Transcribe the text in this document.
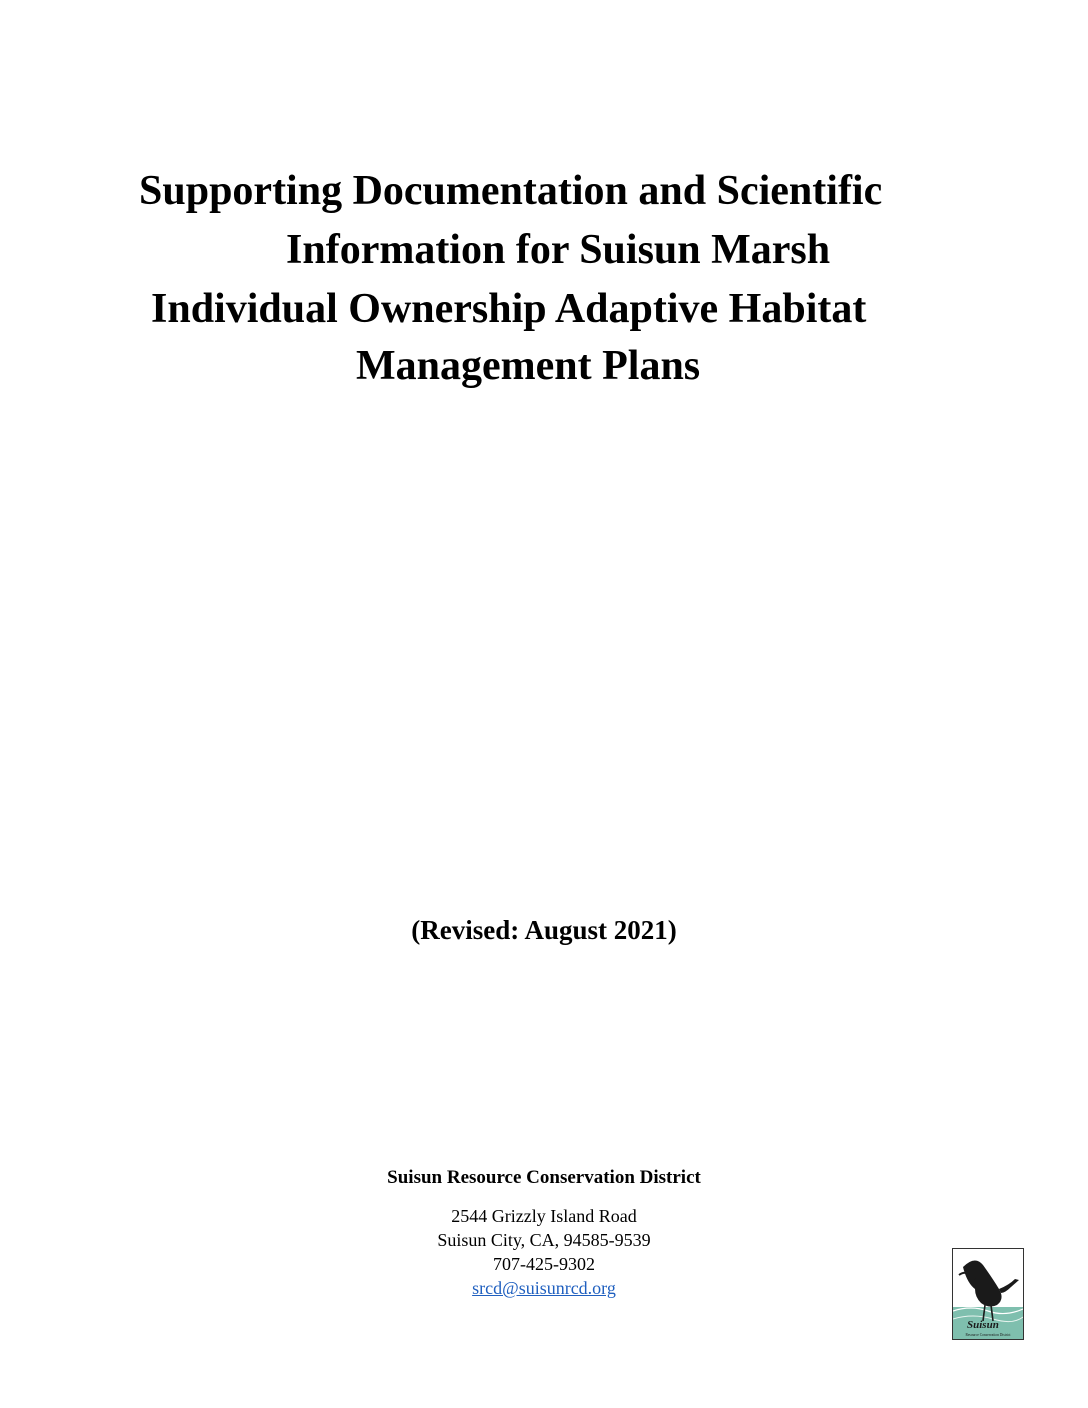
Supporting Documentation and Scientific
Information for Suisun Marsh
Individual Ownership Adaptive Habitat
Management Plans
(Revised: August 2021)
Suisun Resource Conservation District
2544 Grizzly Island Road
Suisun City, CA, 94585-9539
707-425-9302
srcd@suisunrcd.org
Suisun
Resource Conservation District
